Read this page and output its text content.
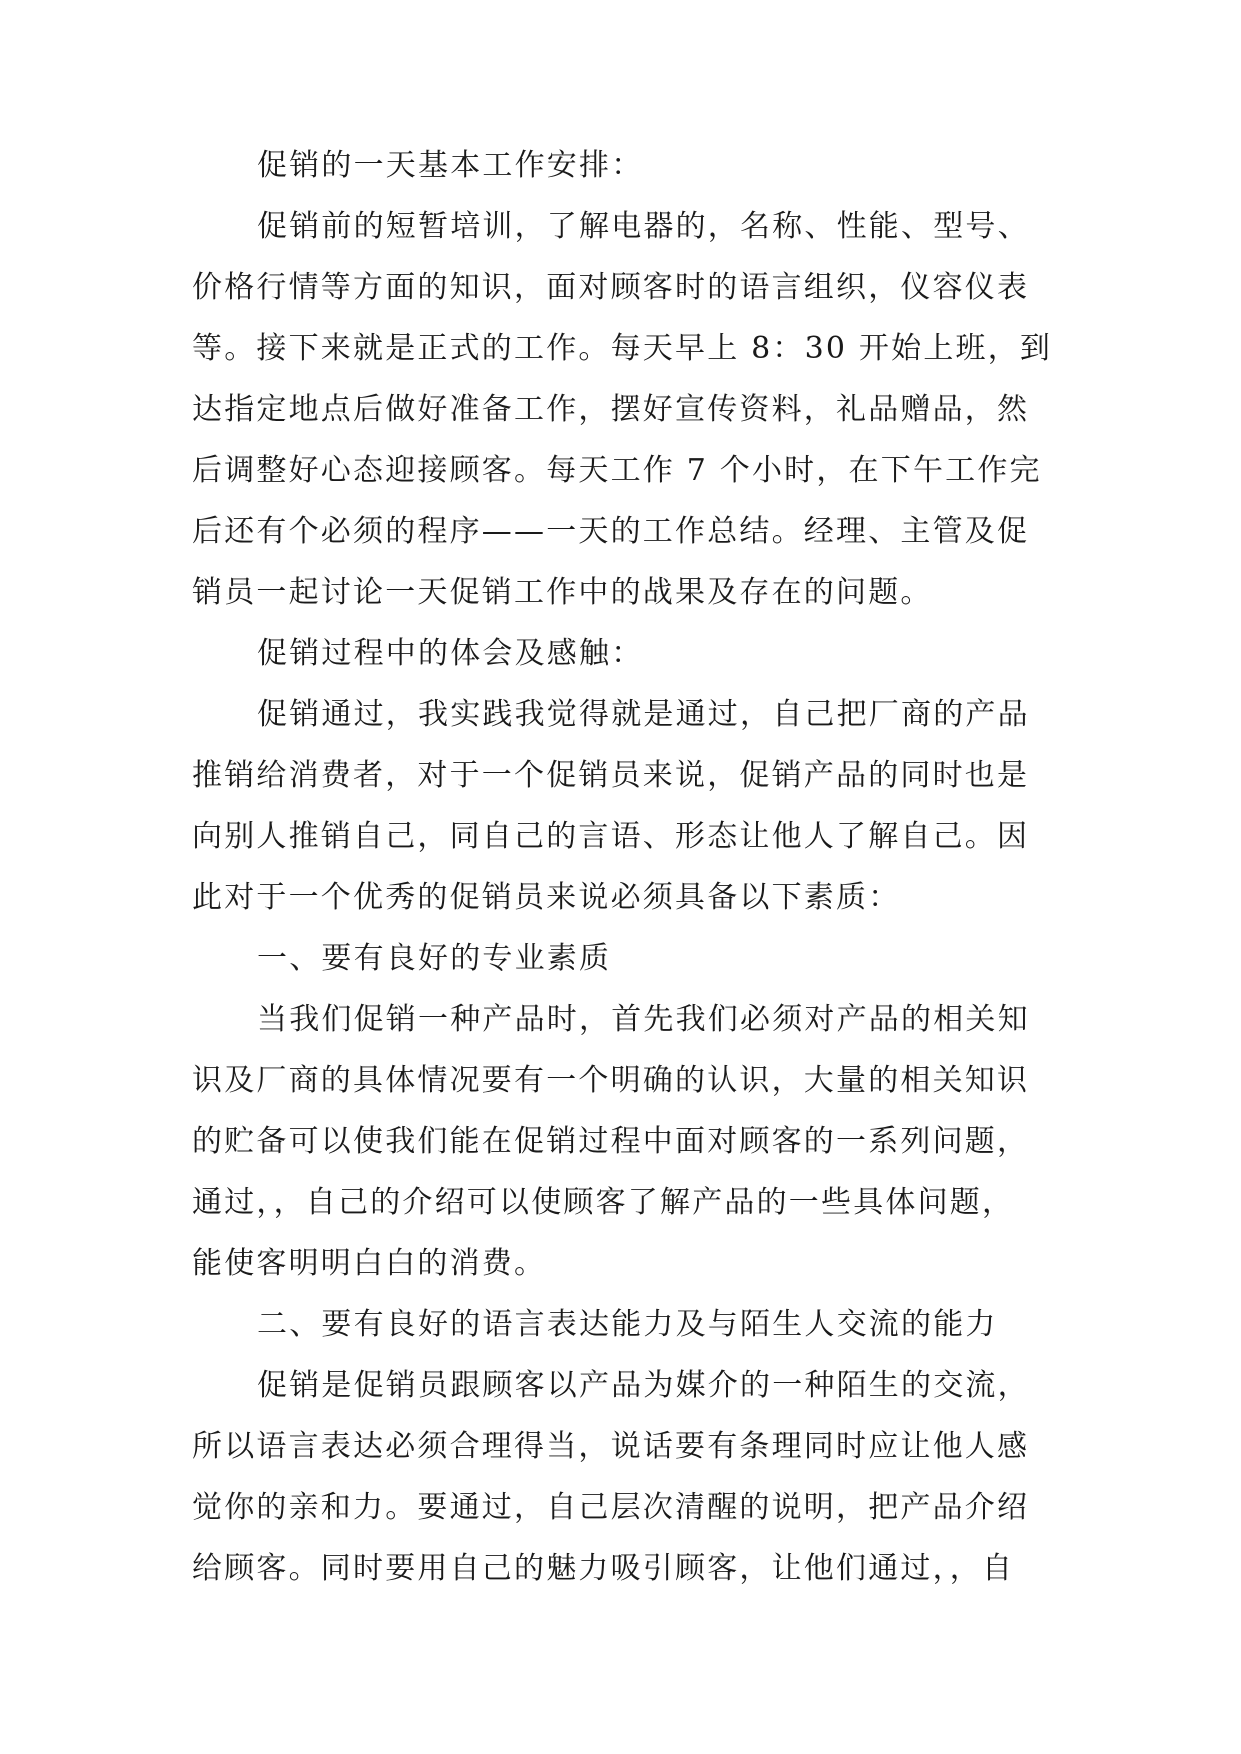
促销的一天基本工作安排：
促销前的短暂培训，了解电器的，名称、性能、型号、
价格行情等方面的知识，面对顾客时的语言组织，仪容仪表
等。接下来就是正式的工作。每天早上 8：30 开始上班，到
达指定地点后做好准备工作，摆好宣传资料，礼品赠品，然
后调整好心态迎接顾客。每天工作 7 个小时，在下午工作完
后还有个必须的程序——一天的工作总结。经理、主管及促
销员一起讨论一天促销工作中的战果及存在的问题。
促销过程中的体会及感触：
促销通过，我实践我觉得就是通过，自己把厂商的产品
推销给消费者，对于一个促销员来说，促销产品的同时也是
向别人推销自己，同自己的言语、形态让他人了解自己。因
此对于一个优秀的促销员来说必须具备以下素质：
一、要有良好的专业素质
当我们促销一种产品时，首先我们必须对产品的相关知
识及厂商的具体情况要有一个明确的认识，大量的相关知识
的贮备可以使我们能在促销过程中面对顾客的一系列问题，
通过，，自己的介绍可以使顾客了解产品的一些具体问题，
能使客明明白白的消费。
二、要有良好的语言表达能力及与陌生人交流的能力
促销是促销员跟顾客以产品为媒介的一种陌生的交流，
所以语言表达必须合理得当，说话要有条理同时应让他人感
觉你的亲和力。要通过，自己层次清醒的说明，把产品介绍
给顾客。同时要用自己的魅力吸引顾客，让他们通过，，自
